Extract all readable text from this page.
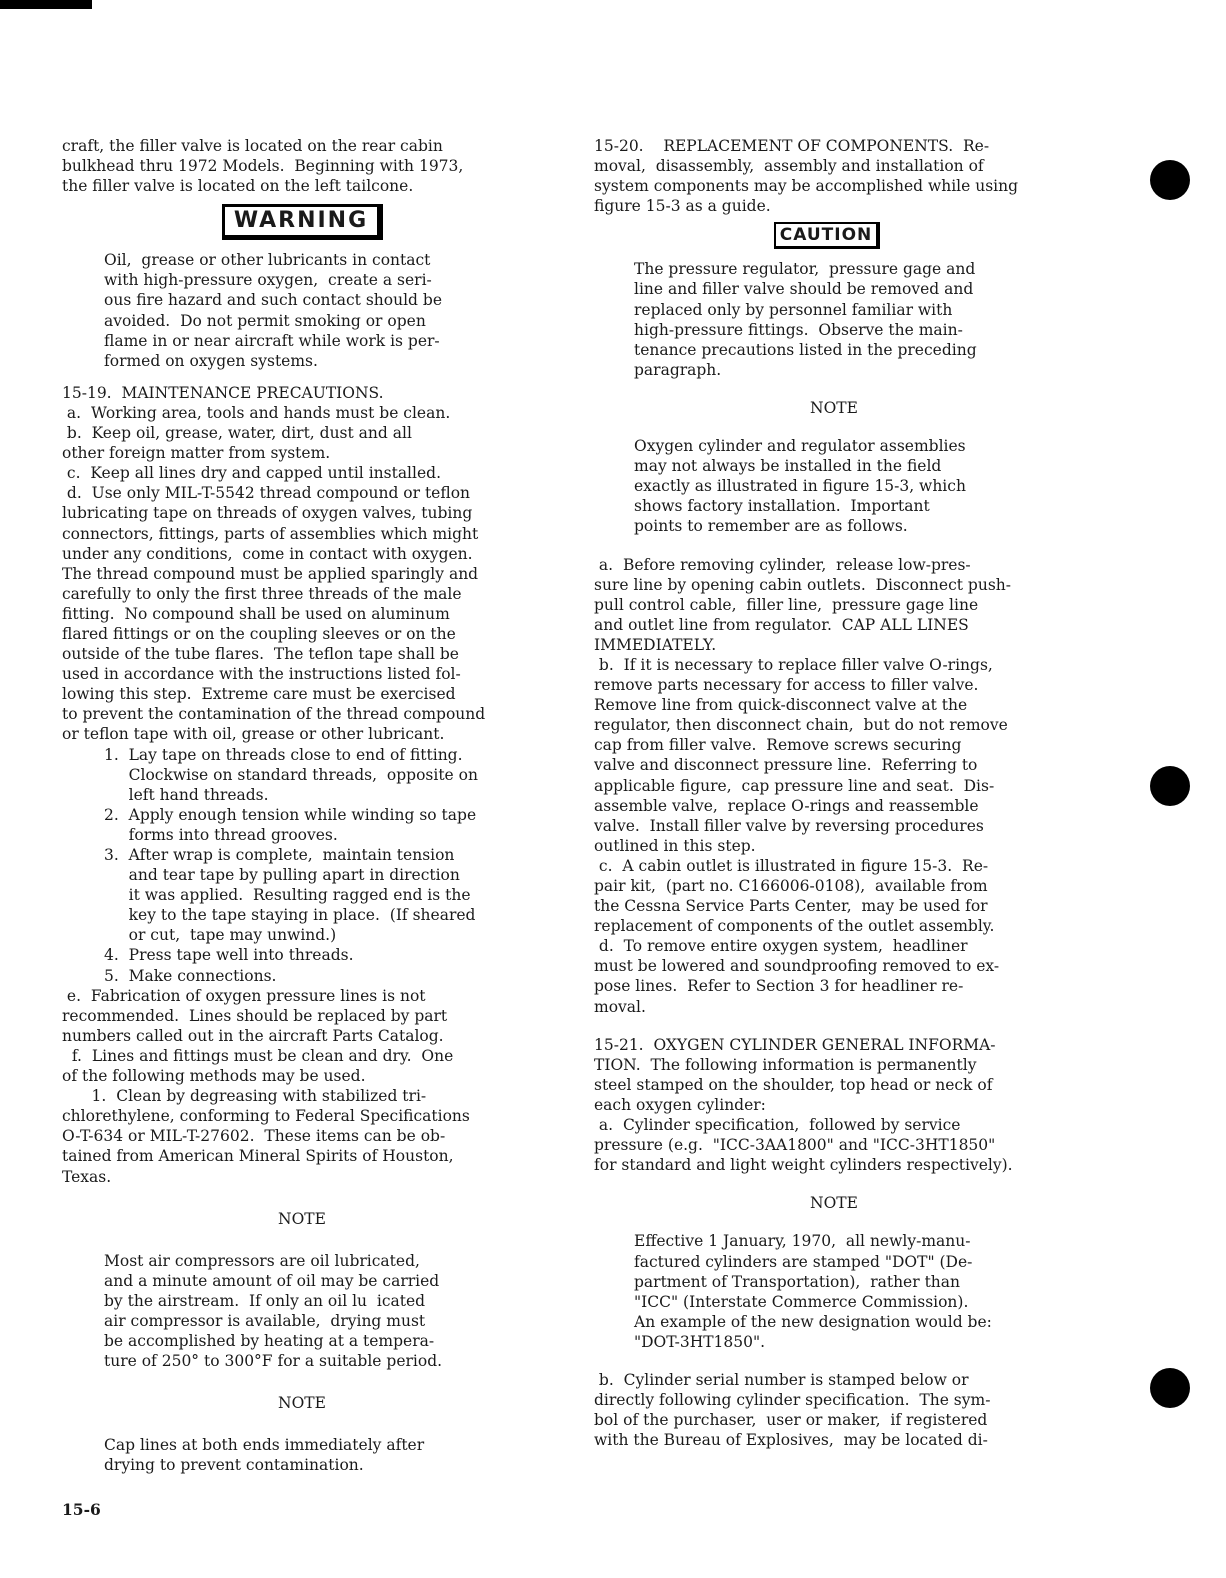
craft, the filler valve is located on the rear cabin
bulkhead thru 1972 Models.  Beginning with 1973,
the filler valve is located on the left tailcone.
WARNING
Oil,  grease or other lubricants in contact
with high-pressure oxygen,  create a seri-
ous fire hazard and such contact should be
avoided.  Do not permit smoking or open
flame in or near aircraft while work is per-
formed on oxygen systems.
15-19.  MAINTENANCE PRECAUTIONS.
a.  Working area, tools and hands must be clean.
b.  Keep oil, grease, water, dirt, dust and all
other foreign matter from system.
c.  Keep all lines dry and capped until installed.
d.  Use only MIL-T-5542 thread compound or teflon
lubricating tape on threads of oxygen valves, tubing
connectors, fittings, parts of assemblies which might
under any conditions,  come in contact with oxygen.
The thread compound must be applied sparingly and
carefully to only the first three threads of the male
fitting.  No compound shall be used on aluminum
flared fittings or on the coupling sleeves or on the
outside of the tube flares.  The teflon tape shall be
used in accordance with the instructions listed fol-
lowing this step.  Extreme care must be exercised
to prevent the contamination of the thread compound
or teflon tape with oil, grease or other lubricant.
1.  Lay tape on threads close to end of fitting.
Clockwise on standard threads,  opposite on
left hand threads.
2.  Apply enough tension while winding so tape
forms into thread grooves.
3.  After wrap is complete,  maintain tension
and tear tape by pulling apart in direction
it was applied.  Resulting ragged end is the
key to the tape staying in place.  (If sheared
or cut,  tape may unwind.)
4.  Press tape well into threads.
5.  Make connections.
e.  Fabrication of oxygen pressure lines is not
recommended.  Lines should be replaced by part
numbers called out in the aircraft Parts Catalog.
f.  Lines and fittings must be clean and dry.  One
of the following methods may be used.
1.  Clean by degreasing with stabilized tri-
chlorethylene, conforming to Federal Specifications
O-T-634 or MIL-T-27602.  These items can be ob-
tained from American Mineral Spirits of Houston,
Texas.
NOTE
Most air compressors are oil lubricated,
and a minute amount of oil may be carried
by the airstream.  If only an oil lu  icated
air compressor is available,  drying must
be accomplished by heating at a tempera-
ture of 250° to 300°F for a suitable period.
NOTE
Cap lines at both ends immediately after
drying to prevent contamination.
15-20.    REPLACEMENT OF COMPONENTS.  Re-
moval,  disassembly,  assembly and installation of
system components may be accomplished while using
figure 15-3 as a guide.
CAUTION
The pressure regulator,  pressure gage and
line and filler valve should be removed and
replaced only by personnel familiar with
high-pressure fittings.  Observe the main-
tenance precautions listed in the preceding
paragraph.
NOTE
Oxygen cylinder and regulator assemblies
may not always be installed in the field
exactly as illustrated in figure 15-3, which
shows factory installation.  Important
points to remember are as follows.
a.  Before removing cylinder,  release low-pres-
sure line by opening cabin outlets.  Disconnect push-
pull control cable,  filler line,  pressure gage line
and outlet line from regulator.  CAP ALL LINES
IMMEDIATELY.
b.  If it is necessary to replace filler valve O-rings,
remove parts necessary for access to filler valve.
Remove line from quick-disconnect valve at the
regulator, then disconnect chain,  but do not remove
cap from filler valve.  Remove screws securing
valve and disconnect pressure line.  Referring to
applicable figure,  cap pressure line and seat.  Dis-
assemble valve,  replace O-rings and reassemble
valve.  Install filler valve by reversing procedures
outlined in this step.
c.  A cabin outlet is illustrated in figure 15-3.  Re-
pair kit,  (part no. C166006-0108),  available from
the Cessna Service Parts Center,  may be used for
replacement of components of the outlet assembly.
d.  To remove entire oxygen system,  headliner
must be lowered and soundproofing removed to ex-
pose lines.  Refer to Section 3 for headliner re-
moval.
15-21.  OXYGEN CYLINDER GENERAL INFORMA-
TION.  The following information is permanently
steel stamped on the shoulder, top head or neck of
each oxygen cylinder:
a.  Cylinder specification,  followed by service
pressure (e.g.  "ICC-3AA1800" and "ICC-3HT1850"
for standard and light weight cylinders respectively).
NOTE
Effective 1 January, 1970,  all newly-manu-
factured cylinders are stamped "DOT" (De-
partment of Transportation),  rather than
"ICC" (Interstate Commerce Commission).
An example of the new designation would be:
"DOT-3HT1850".
b.  Cylinder serial number is stamped below or
directly following cylinder specification.  The sym-
bol of the purchaser,  user or maker,  if registered
with the Bureau of Explosives,  may be located di-
15-6
